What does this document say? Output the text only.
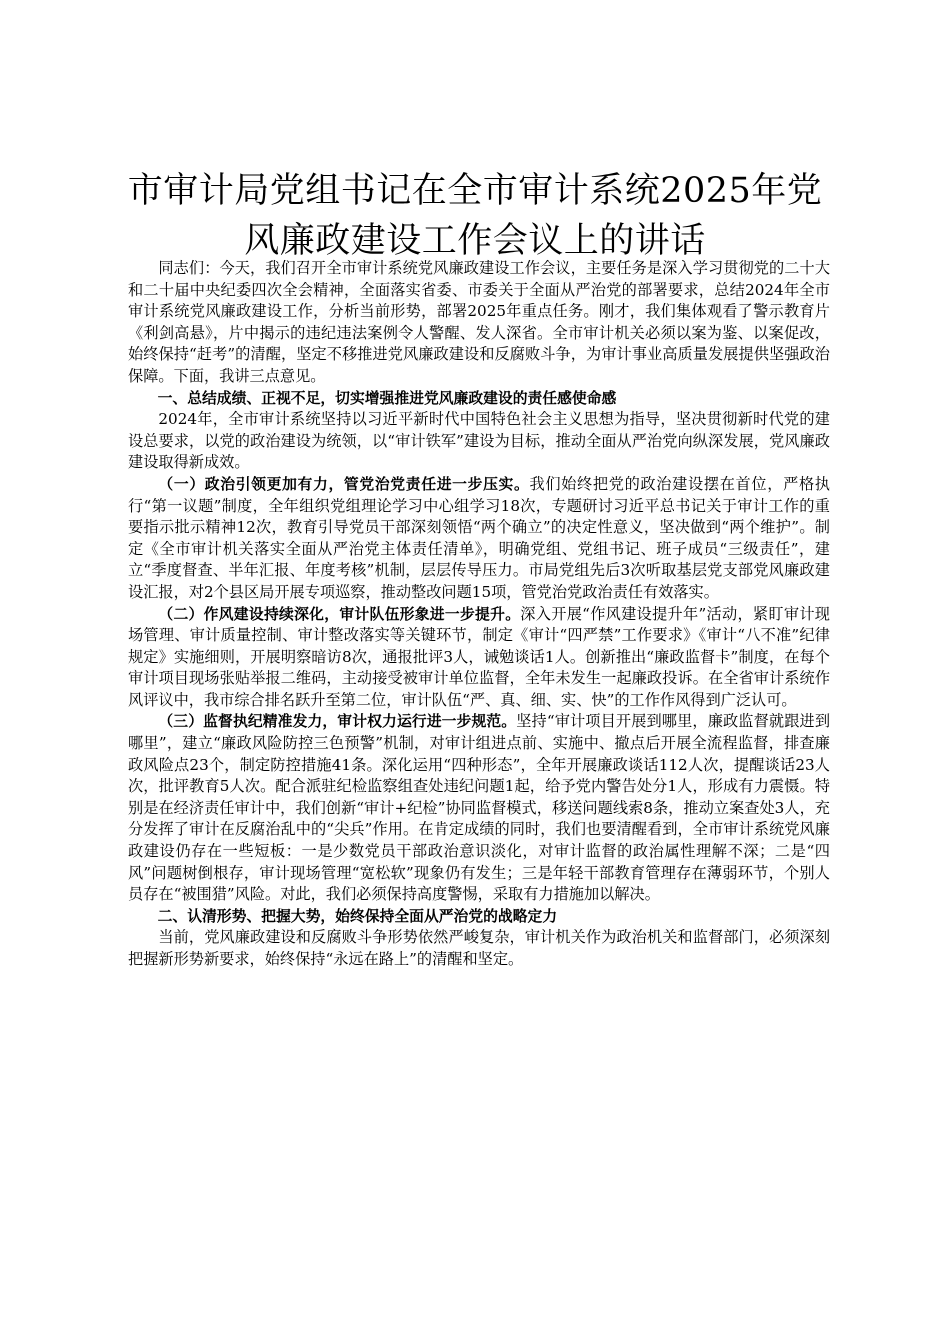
市审计局党组书记在全市审计系统2025年党
风廉政建设工作会议上的讲话

同志们：今天，我们召开全市审计系统党风廉政建设工作会议，主要任务是深入学习贯彻党的二十大和二十届中央纪委四次全会精神，全面落实省委、市委关于全面从严治党的部署要求，总结2024年全市审计系统党风廉政建设工作，分析当前形势，部署2025年重点任务。刚才，我们集体观看了警示教育片《利剑高悬》，片中揭示的违纪违法案例令人警醒、发人深省。全市审计机关必须以案为鉴、以案促改，始终保持“赶考”的清醒，坚定不移推进党风廉政建设和反腐败斗争，为审计事业高质量发展提供坚强政治保障。下面，我讲三点意见。

一、总结成绩、正视不足，切实增强推进党风廉政建设的责任感使命感

2024年，全市审计系统坚持以习近平新时代中国特色社会主义思想为指导，坚决贯彻新时代党的建设总要求，以党的政治建设为统领，以“审计铁军”建设为目标，推动全面从严治党向纵深发展，党风廉政建设取得新成效。

（一）政治引领更加有力，管党治党责任进一步压实。我们始终把党的政治建设摆在首位，严格执行“第一议题”制度，全年组织党组理论学习中心组学习18次，专题研讨习近平总书记关于审计工作的重要指示批示精神12次，教育引导党员干部深刻领悟“两个确立”的决定性意义，坚决做到“两个维护”。制定《全市审计机关落实全面从严治党主体责任清单》，明确党组、党组书记、班子成员“三级责任”，建立“季度督查、半年汇报、年度考核”机制，层层传导压力。市局党组先后3次听取基层党支部党风廉政建设汇报，对2个县区局开展专项巡察，推动整改问题15项，管党治党政治责任有效落实。

（二）作风建设持续深化，审计队伍形象进一步提升。深入开展“作风建设提升年”活动，紧盯审计现场管理、审计质量控制、审计整改落实等关键环节，制定《审计“四严禁”工作要求》《审计“八不准”纪律规定》实施细则，开展明察暗访8次，通报批评3人，诫勉谈话1人。创新推出“廉政监督卡”制度，在每个审计项目现场张贴举报二维码，主动接受被审计单位监督，全年未发生一起廉政投诉。在全省审计系统作风评议中，我市综合排名跃升至第二位，审计队伍“严、真、细、实、快”的工作作风得到广泛认可。

（三）监督执纪精准发力，审计权力运行进一步规范。坚持“审计项目开展到哪里，廉政监督就跟进到哪里”，建立“廉政风险防控三色预警”机制，对审计组进点前、实施中、撤点后开展全流程监督，排查廉政风险点23个，制定防控措施41条。深化运用“四种形态”，全年开展廉政谈话112人次，提醒谈话23人次，批评教育5人次。配合派驻纪检监察组查处违纪问题1起，给予党内警告处分1人，形成有力震慑。特别是在经济责任审计中，我们创新“审计+纪检”协同监督模式，移送问题线索8条，推动立案查处3人，充分发挥了审计在反腐治乱中的“尖兵”作用。在肯定成绩的同时，我们也要清醒看到，全市审计系统党风廉政建设仍存在一些短板：一是少数党员干部政治意识淡化，对审计监督的政治属性理解不深；二是“四风”问题树倒根存，审计现场管理“宽松软”现象仍有发生；三是年轻干部教育管理存在薄弱环节，个别人员存在“被围猎”风险。对此，我们必须保持高度警惕，采取有力措施加以解决。

二、认清形势、把握大势，始终保持全面从严治党的战略定力

当前，党风廉政建设和反腐败斗争形势依然严峻复杂，审计机关作为政治机关和监督部门，必须深刻把握新形势新要求，始终保持“永远在路上”的清醒和坚定。
